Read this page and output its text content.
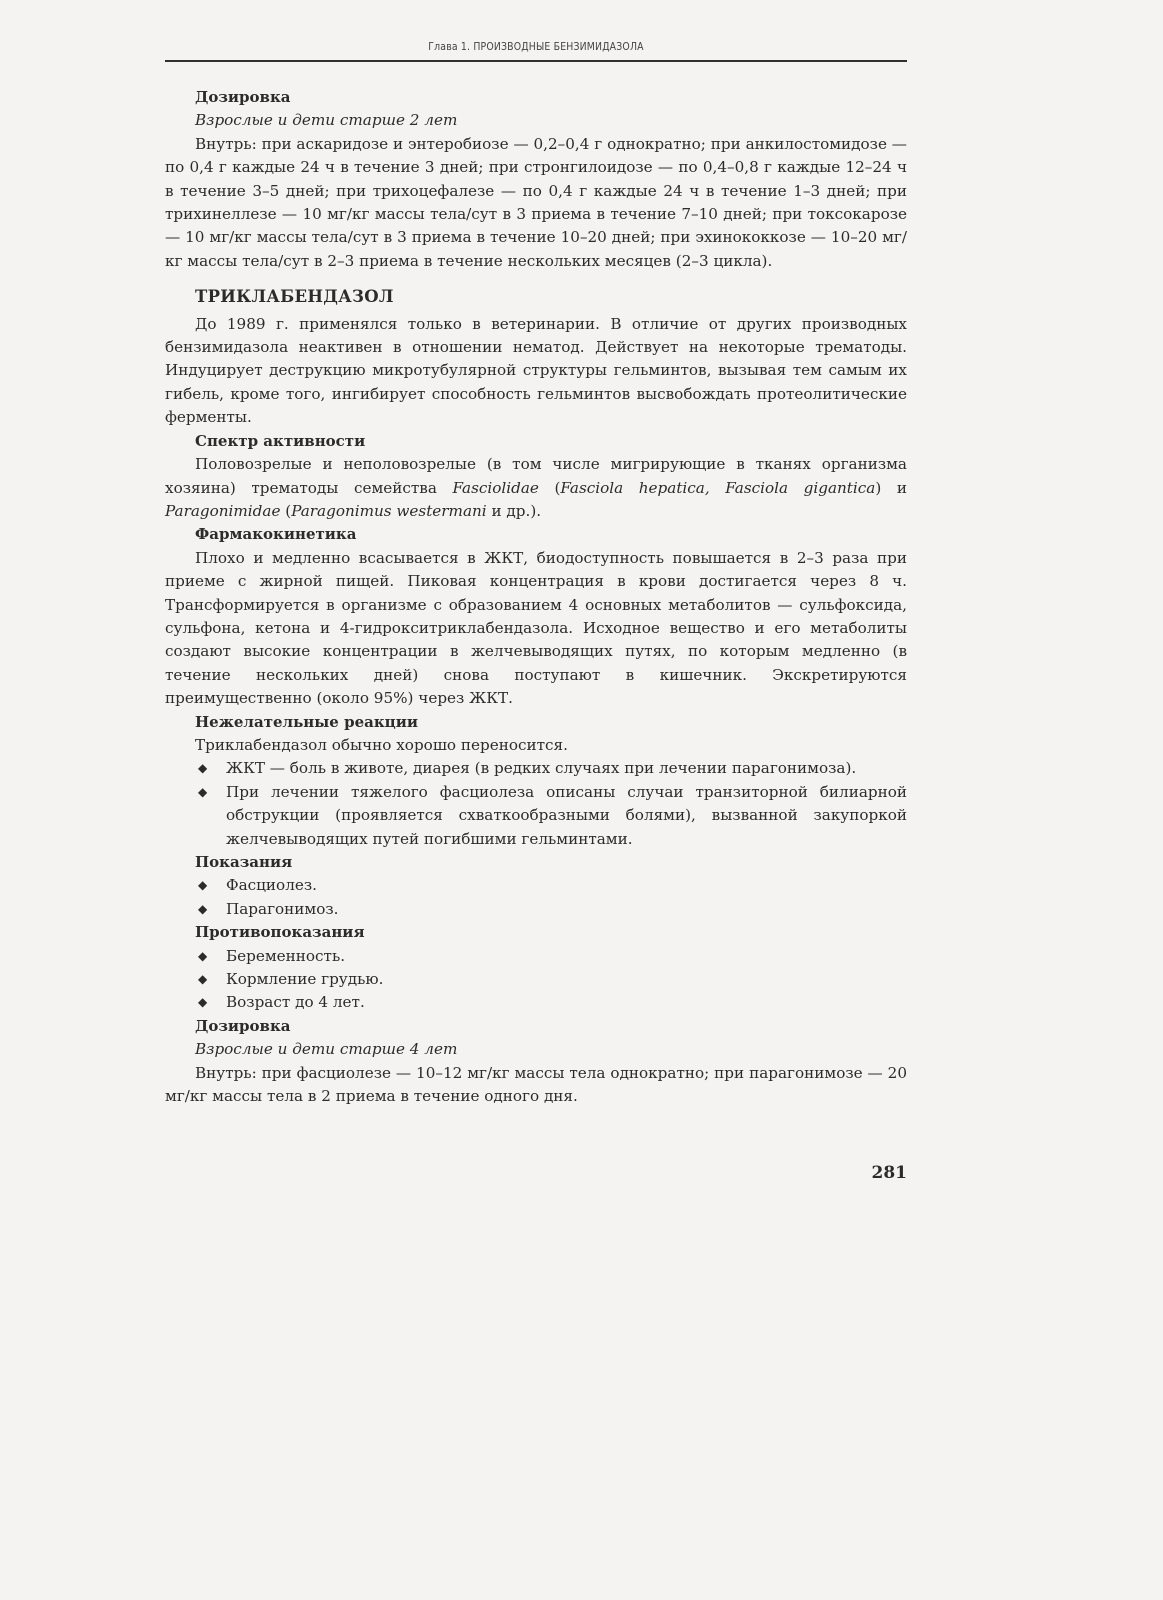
Глава 1. ПРОИЗВОДНЫЕ БЕНЗИМИДАЗОЛА

Дозировка

Взрослые и дети старше 2 лет

Внутрь: при аскаридозе и энтеробиозе — 0,2–0,4 г однократно; при анкилостомидозе — по 0,4 г каждые 24 ч в течение 3 дней; при стронгилоидозе — по 0,4–0,8 г каждые 12–24 ч в течение 3–5 дней; при трихоцефалезе — по 0,4 г каждые 24 ч в течение 1–3 дней; при трихинеллезе — 10 мг/кг массы тела/сут в 3 приема в течение 7–10 дней; при токсокарозе — 10 мг/кг массы тела/сут в 3 приема в течение 10–20 дней; при эхинококкозе — 10–20 мг/кг массы тела/сут в 2–3 приема в течение нескольких месяцев (2–3 цикла).

ТРИКЛАБЕНДАЗОЛ

До 1989 г. применялся только в ветеринарии. В отличие от других производных бензимидазола неактивен в отношении нематод. Действует на некоторые трематоды. Индуцирует деструкцию микротубулярной структуры гельминтов, вызывая тем самым их гибель, кроме того, ингибирует способность гельминтов высвобождать протеолитические ферменты.

Спектр активности

Половозрелые и неполовозрелые (в том числе мигрирующие в тканях организма хозяина) трематоды семейства Fasciolidae (Fasciola hepatica, Fasciola gigantica) и Paragonimidae (Paragonimus westermani и др.).

Фармакокинетика

Плохо и медленно всасывается в ЖКТ, биодоступность повышается в 2–3 раза при приеме с жирной пищей. Пиковая концентрация в крови достигается через 8 ч. Трансформируется в организме с образованием 4 основных метаболитов — сульфоксида, сульфона, кетона и 4-гидрокситриклабендазола. Исходное вещество и его метаболиты создают высокие концентрации в желчевыводящих путях, по которым медленно (в течение нескольких дней) снова поступают в кишечник. Экскретируются преимущественно (около 95%) через ЖКТ.

Нежелательные реакции

Триклабендазол обычно хорошо переносится.

◆ ЖКТ — боль в животе, диарея (в редких случаях при лечении парагонимоза).
◆ При лечении тяжелого фасциолеза описаны случаи транзиторной билиарной обструкции (проявляется схваткообразными болями), вызванной закупоркой желчевыводящих путей погибшими гельминтами.

Показания

◆ Фасциолез.
◆ Парагонимоз.

Противопоказания

◆ Беременность.
◆ Кормление грудью.
◆ Возраст до 4 лет.

Дозировка

Взрослые и дети старше 4 лет

Внутрь: при фасциолезе — 10–12 мг/кг массы тела однократно; при парагонимозе — 20 мг/кг массы тела в 2 приема в течение одного дня.

281
